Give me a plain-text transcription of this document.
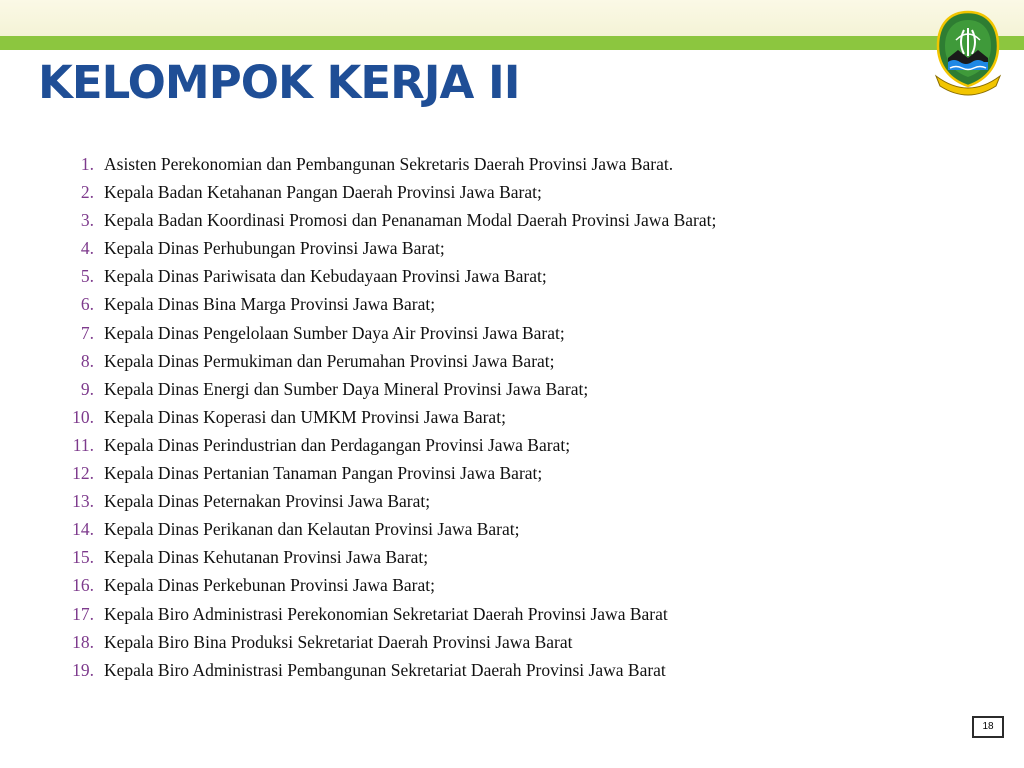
KELOMPOK KERJA II
1. Asisten Perekonomian dan Pembangunan Sekretaris Daerah Provinsi Jawa Barat.
2. Kepala Badan Ketahanan Pangan Daerah Provinsi Jawa Barat;
3. Kepala Badan Koordinasi Promosi dan Penanaman Modal Daerah Provinsi Jawa Barat;
4. Kepala Dinas Perhubungan Provinsi Jawa Barat;
5. Kepala Dinas Pariwisata dan Kebudayaan Provinsi Jawa Barat;
6. Kepala Dinas Bina Marga Provinsi Jawa Barat;
7. Kepala Dinas Pengelolaan Sumber Daya Air Provinsi Jawa Barat;
8. Kepala Dinas Permukiman dan Perumahan Provinsi Jawa Barat;
9. Kepala Dinas Energi dan Sumber Daya Mineral Provinsi Jawa Barat;
10. Kepala Dinas Koperasi dan UMKM Provinsi Jawa Barat;
11. Kepala Dinas Perindustrian dan Perdagangan Provinsi Jawa Barat;
12. Kepala Dinas Pertanian Tanaman Pangan Provinsi Jawa Barat;
13. Kepala Dinas Peternakan Provinsi Jawa Barat;
14. Kepala Dinas Perikanan dan Kelautan Provinsi Jawa Barat;
15. Kepala Dinas Kehutanan Provinsi Jawa Barat;
16. Kepala Dinas Perkebunan Provinsi Jawa Barat;
17. Kepala Biro Administrasi Perekonomian Sekretariat Daerah Provinsi Jawa Barat
18. Kepala Biro Bina Produksi Sekretariat Daerah Provinsi Jawa Barat
19. Kepala Biro Administrasi Pembangunan Sekretariat Daerah Provinsi Jawa Barat
18
